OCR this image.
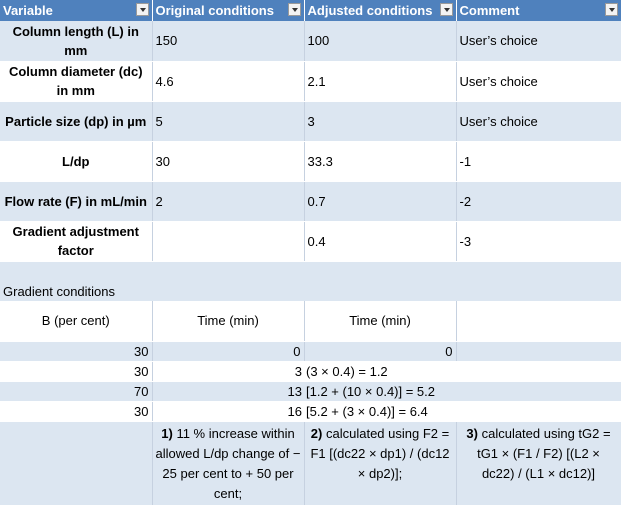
Variable	Original conditions	Adjusted conditions	Comment

Column length (L) in mm	150	100	User’s choice
Column diameter (dc) in mm	4.6	2.1	User’s choice
Particle size (dp) in µm	5	3	User’s choice
L/dp	30	33.3	-1
Flow rate (F) in mL/min	2	0.7	-2
Gradient adjustment factor		0.4	-3
Gradient conditions			
B (per cent)	Time (min)	Time (min)	
30	0	0	
30	3	(3 × 0.4) = 1.2	
70	13	[1.2 + (10 × 0.4)] = 5.2	
30	16	[5.2 + (3 × 0.4)] = 6.4	
	1) 11 % increase within allowed L/dp change of − 25 per cent to + 50 per cent;	2) calculated using F2 = F1 [(dc22 × dp1) / (dc12 × dp2)];	3) calculated using tG2 = tG1 × (F1 / F2) [(L2 × dc22) / (L1 × dc12)]
